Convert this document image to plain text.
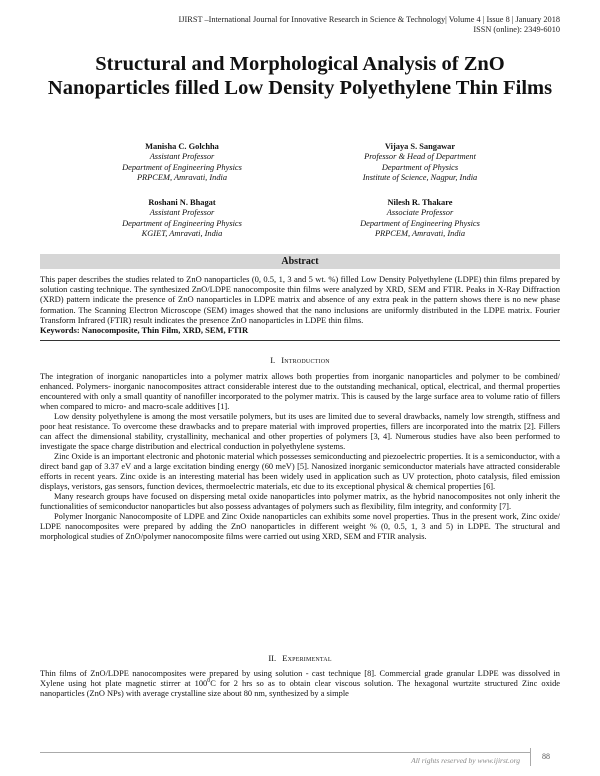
IJIRST –International Journal for Innovative Research in Science & Technology| Volume 4 | Issue 8 | January 2018
ISSN (online): 2349-6010
Structural and Morphological Analysis of ZnO Nanoparticles filled Low Density Polyethylene Thin Films
Manisha C. Golchha
Assistant Professor
Department of Engineering Physics
PRPCEM, Amravati, India
Vijaya S. Sangawar
Professor & Head of Department
Department of Physics
Institute of Science, Nagpur, India
Roshani N. Bhagat
Assistant Professor
Department of Engineering Physics
KGIET, Amravati, India
Nilesh R. Thakare
Associate Professor
Department of Engineering Physics
PRPCEM, Amravati, India
Abstract
This paper describes the studies related to ZnO nanoparticles (0, 0.5, 1, 3 and 5 wt. %) filled Low Density Polyethylene (LDPE) thin films prepared by solution casting technique. The synthesized ZnO/LDPE nanocomposite thin films were analyzed by XRD, SEM and FTIR. Peaks in X-Ray Diffraction (XRD) pattern indicate the presence of ZnO nanoparticles in LDPE matrix and absence of any extra peak in the pattern shows there is no new phase formation. The Scanning Electron Microscope (SEM) images showed that the nano inclusions are uniformly distributed in the LDPE matrix. Fourier Transform Infrared (FTIR) result indicates the presence ZnO nanoparticles in LDPE thin films.
Keywords: Nanocomposite, Thin Film, XRD, SEM, FTIR
I. Introduction

The integration of inorganic nanoparticles into a polymer matrix allows both properties from inorganic nanoparticles and polymer to be combined/ enhanced. Polymers- inorganic nanocomposites attract considerable interest due to the outstanding mechanical, optical, electrical, and thermal properties encountered with only a small quantity of nanofiller incorporated to the polymer matrix. This is caused by the large surface area to volume ratio of fillers when compared to micro- and macro-scale additives [1].

Low density polyethylene is among the most versatile polymers, but its uses are limited due to several drawbacks, namely low strength, stiffness and poor heat resistance. To overcome these drawbacks and to prepare material with improved properties, fillers are incorporated into the matrix [2]. Fillers can affect the dimensional stability, crystallinity, mechanical and other properties of polymers [3, 4]. Numerous studies have also been performed to investigate the space charge distribution and electrical conduction in polyethylene systems.

Zinc Oxide is an important electronic and photonic material which possesses semiconducting and piezoelectric properties. It is a semiconductor, with a direct band gap of 3.37 eV and a large excitation binding energy (60 meV) [5]. Nanosized inorganic semiconductor materials have attracted considerable efforts in recent years. Zinc oxide is an interesting material has been widely used in application such as UV protection, photo catalysis, filed emission displays, veristors, gas sensors, function devices, thermoelectric materials, etc due to its exceptional physical & chemical properties [6].

Many research groups have focused on dispersing metal oxide nanoparticles into polymer matrix, as the hybrid nanocomposites not only inherit the functionalities of semiconductor nanoparticles but also possess advantages of polymers such as flexibility, film integrity, and conformity [7].

Polymer Inorganic Nanocomposite of LDPE and Zinc Oxide nanoparticles can exhibits some novel properties. Thus in the present work, Zinc oxide/ LDPE nanocomposites were prepared by adding the ZnO nanoparticles in different weight % (0, 0.5, 1, 3 and 5) in LDPE. The structural and morphological studies of ZnO/polymer nanocomposite films were carried out using XRD, SEM and FTIR analysis.

II. Experimental

Thin films of ZnO/LDPE nanocomposites were prepared by using solution - cast technique [8]. Commercial grade granular LDPE was dissolved in Xylene using hot plate magnetic stirrer at $100^0C$ for 2 hrs so as to obtain clear viscous solution. The hexagonal wurtzite structured Zinc oxide nanoparticles (ZnO NPs) with average crystalline size about 80 nm, synthesized by a simple

All rights reserved by www.ijirst.org	88
